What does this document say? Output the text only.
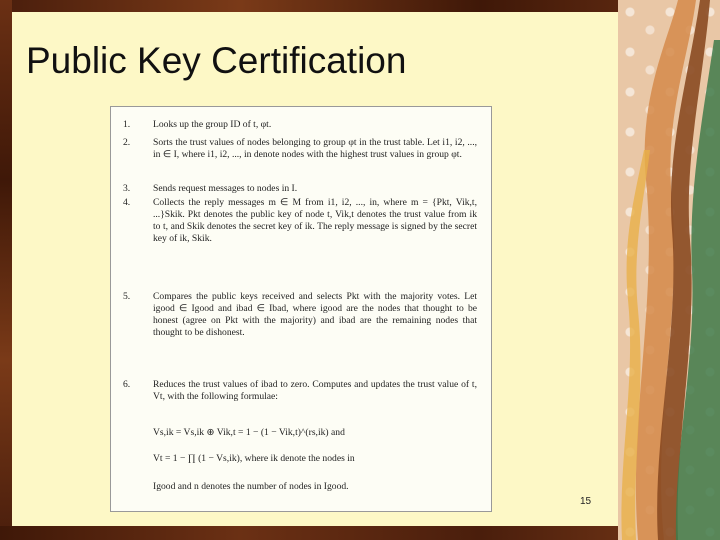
Public Key Certification
1.	Looks up the group ID of t, φt.
2.	Sorts the trust values of nodes belonging to group φt in the trust table. Let i1, i2, ..., in ∈ I, where i1, i2, ..., in denote nodes with the highest trust values in group φt.
3.	Sends request messages to nodes in I.
4.	Collects the reply messages m ∈ M from i1, i2, ..., in, where m = {Pkt, Vik,t, ...}Skik. Pkt denotes the public key of node t, Vik,t denotes the trust value from ik to t, and Skik denotes the secret key of ik. The reply message is signed by the secret key of ik, Skik.
5.	Compares the public keys received and selects Pkt with the majority votes. Let igood ∈ Igood and ibad ∈ Ibad, where igood are the nodes that thought to be honest (agree on Pkt with the majority) and ibad are the remaining nodes that thought to be dishonest.
6.	Reduces the trust values of ibad to zero. Computes and updates the trust value of t, Vt, with the following formulae:
Vs,ik = Vs,ik ⊕ Vik,t = 1 − (1 − Vik,t)^(rs,ik) and
Vt = 1 − ∏ (1 − Vs,ik), where ik denote the nodes in
Igood and n denotes the number of nodes in Igood.
15
